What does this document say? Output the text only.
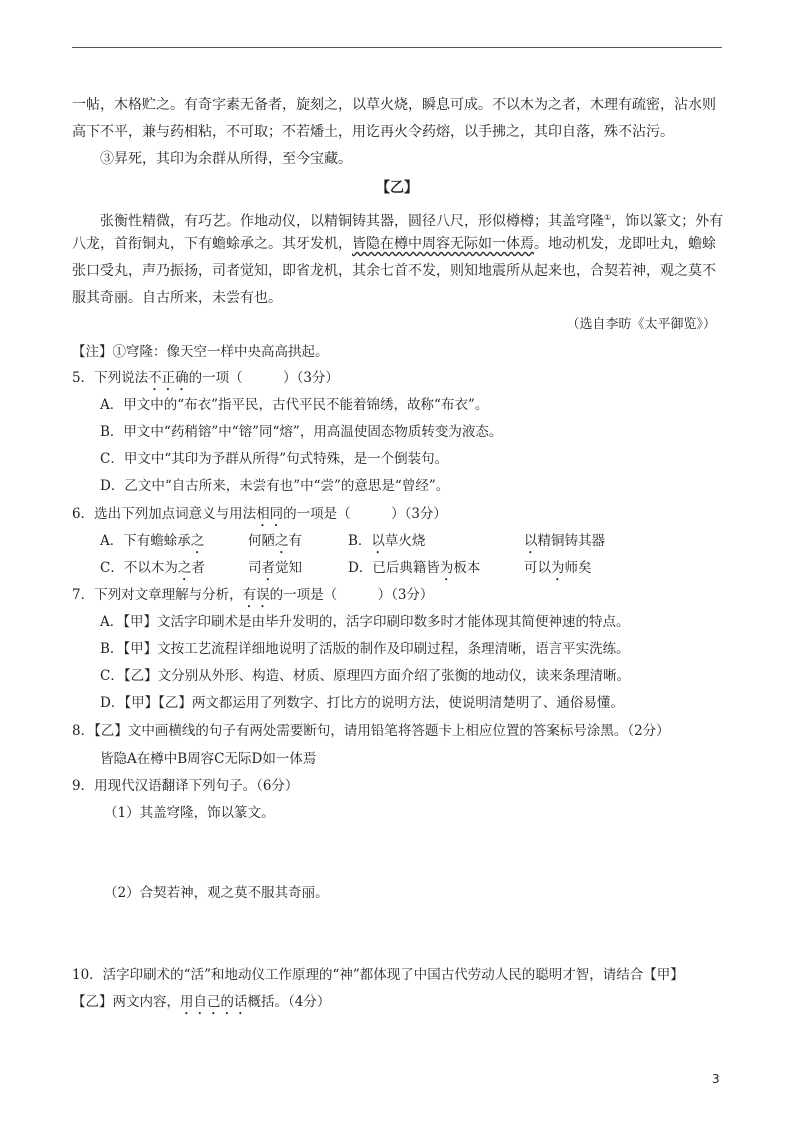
一帖，木格贮之。有奇字素无备者，旋刻之，以草火烧，瞬息可成。不以木为之者，木理有疏密，沾水则

高下不平，兼与药相粘，不可取；不若燔土，用讫再火令药熔，以手拂之，其印自落，殊不沾污。

③昇死，其印为余群从所得，至今宝藏。

【乙】

张衡性精微，有巧艺。作地动仪，以精铜铸其器，圆径八尺，形似樽樽；其盖穹隆①，饰以篆文；外有

八龙，首衔铜丸，下有蟾蜍承之。其牙发机，皆隐在樽中周容无际如一体焉。地动机发，龙即吐丸，蟾蜍

张口受丸，声乃振扬，司者觉知，即省龙机，其余七首不发，则知地震所从起来也，合契若神，观之莫不

服其奇丽。自古所来，未尝有也。

（选自李昉《太平御览》）

【注】①穹隆：像天空一样中央高高拱起。

5．下列说法不正确的一项（　　　）（3分）

A．甲文中的“布衣”指平民，古代平民不能着锦绣，故称“布衣”。
B．甲文中“药稍镕”中“镕”同“熔”，用高温使固态物质转变为液态。
C．甲文中“其印为予群从所得”句式特殊，是一个倒装句。
D．乙文中“自古所来，未尝有也”中“尝”的意思是“曾经”。

6．选出下列加点词意义与用法相同的一项是（　　　）（3分）

A．下有蟾蜍承之	何陋之有	B．以草火烧	以精铜铸其器
C．不以木为之者	司者觉知	D．已后典籍皆为板本	可以为师矣

7．下列对文章理解与分析，有误的一项是（　　　）（3分）

A．【甲】文活字印刷术是由毕升发明的，活字印刷印数多时才能体现其简便神速的特点。
B．【甲】文按工艺流程详细地说明了活版的制作及印刷过程，条理清晰，语言平实洗练。
C．【乙】文分别从外形、构造、材质、原理四方面介绍了张衡的地动仪，读来条理清晰。
D．【甲】【乙】两文都运用了列数字、打比方的说明方法，使说明清楚明了、通俗易懂。

8．【乙】文中画横线的句子有两处需要断句，请用铅笔将答题卡上相应位置的答案标号涂黑。（2分）

皆隐A在樽中B周容C无际D如一体焉

9．用现代汉语翻译下列句子。（6分）

（1）其盖穹隆，饰以篆文。
（2）合契若神，观之莫不服其奇丽。

10．活字印刷术的“活”和地动仪工作原理的“神”都体现了中国古代劳动人民的聪明才智，请结合【甲】

【乙】两文内容，用自己的话概括。（4分）

3
